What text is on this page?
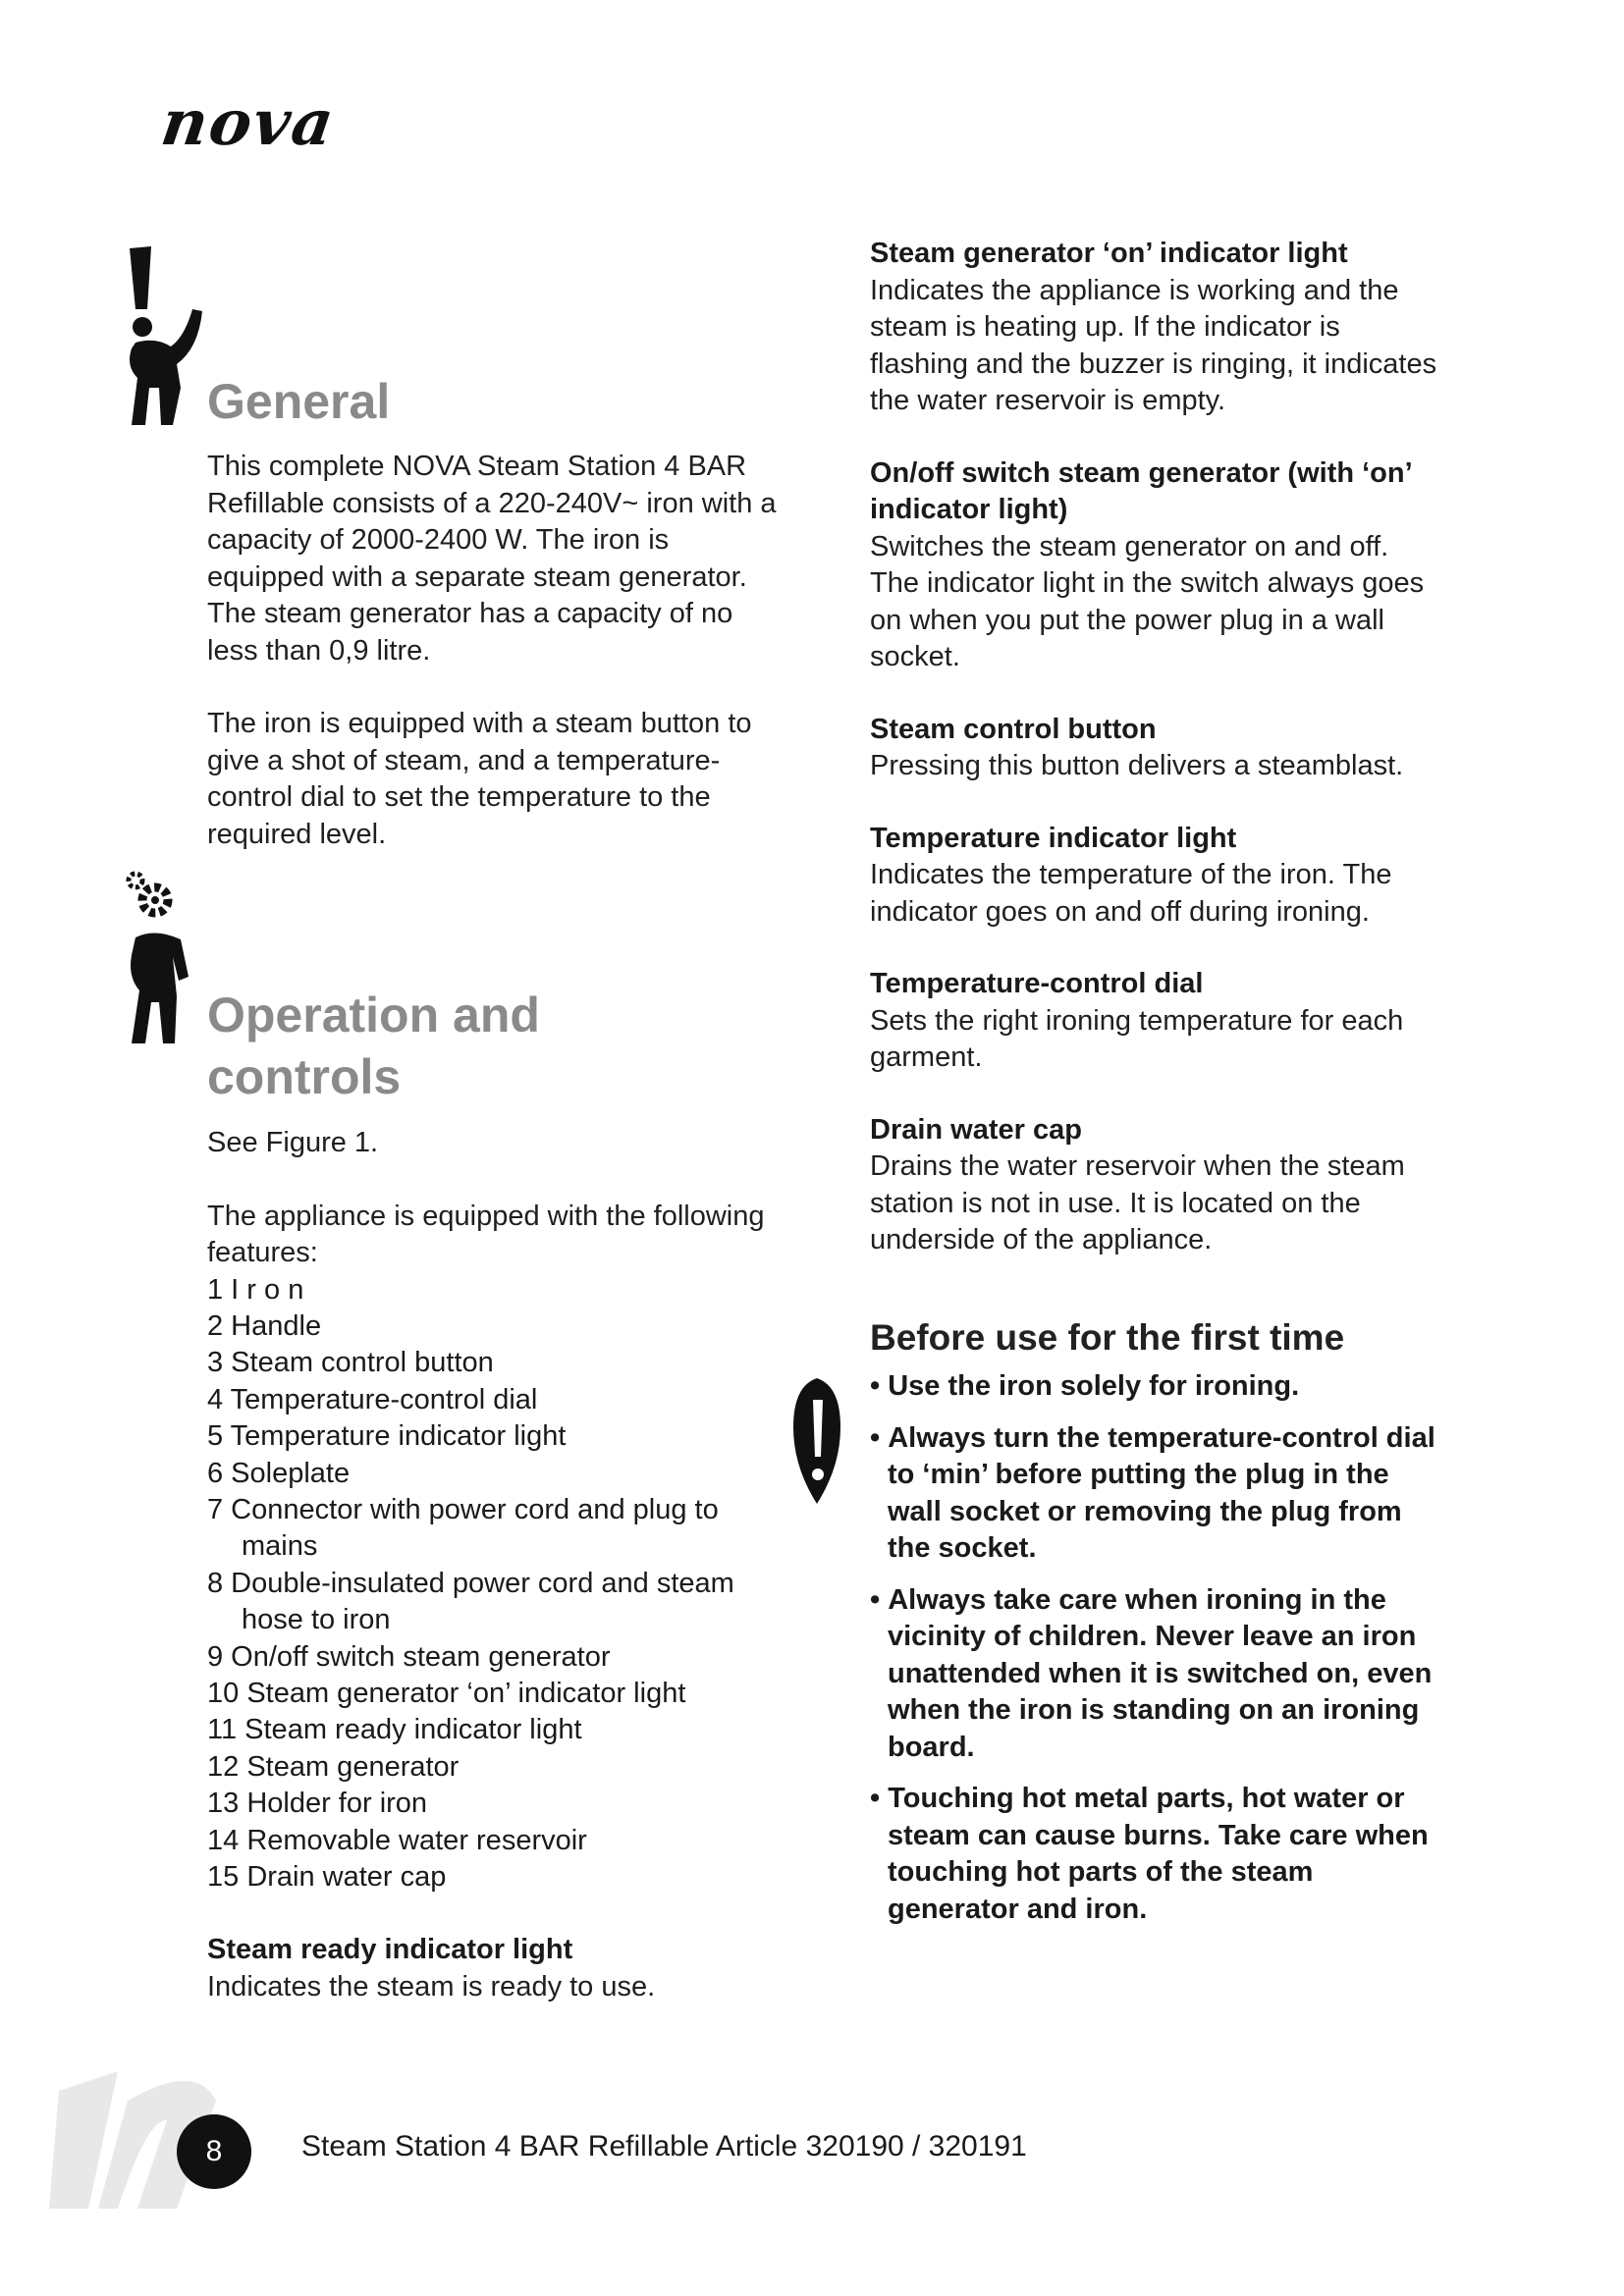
nova
General

This complete NOVA Steam Station 4 BAR Refillable consists of a 220-240V~ iron with a capacity of 2000-2400 W. The iron is equipped with a separate steam generator. The steam generator has a capacity of no less than 0,9 litre.

The iron is equipped with a steam button to give a shot of steam, and a temperature-control dial to set the temperature to the required level.

Operation and
controls

See Figure 1.

The appliance is equipped with the following features:

1 I r o n
2 Handle
3 Steam control button
4 Temperature-control dial
5 Temperature indicator light
6 Soleplate
7 Connector with power cord and plug to mains
8 Double-insulated power cord and steam hose to iron
9 On/off switch steam generator
10 Steam generator ‘on’ indicator light
11 Steam ready indicator light
12 Steam generator
13 Holder for iron
14 Removable water reservoir
15 Drain water cap

Steam ready indicator light

Indicates the steam is ready to use.

Steam generator ‘on’ indicator light

Indicates the appliance is working and the steam is heating up. If the indicator is flashing and the buzzer is ringing, it indicates the water reservoir is empty.

On/off switch steam generator (with ‘on’ indicator light)

Switches the steam generator on and off. The indicator light in the switch always goes on when you put the power plug in a wall socket.

Steam control button

Pressing this button delivers a steamblast.

Temperature indicator light

Indicates the temperature of the iron. The indicator goes on and off during ironing.

Temperature-control dial

Sets the right ironing temperature for each garment.

Drain water cap

Drains the water reservoir when the steam station is not in use. It is located on the underside of the appliance.

Before use for the first time
• Use the iron solely for ironing.
• Always turn the temperature-control dial to ‘min’ before putting the plug in the wall socket or removing the plug from the socket.
• Always take care when ironing in the vicinity of children. Never leave an iron unattended when it is switched on, even when the iron is standing on an ironing board.
• Touching hot metal parts, hot water or steam can cause burns. Take care when touching hot parts of the steam generator and iron.
8	Steam Station 4 BAR Refillable Article 320190 / 320191
